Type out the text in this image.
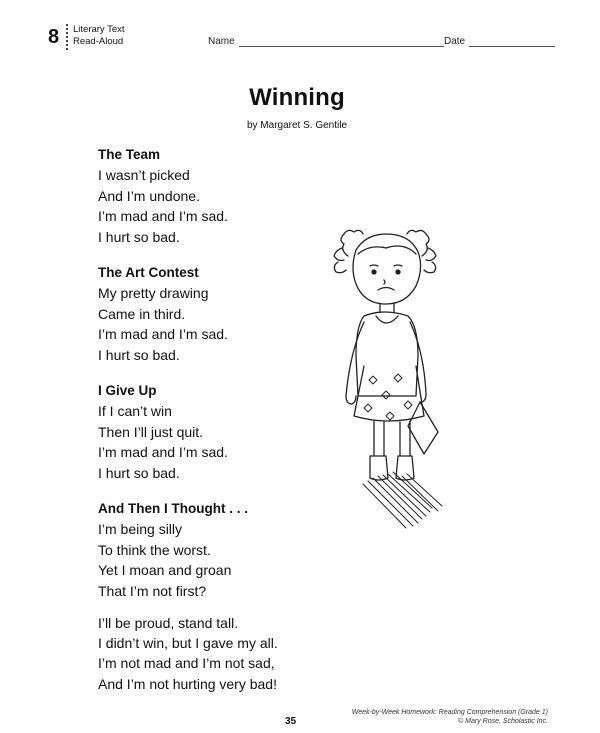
8 Literary Text
Read-Aloud	Name	Date
Winning
by Margaret S. Gentile
The Team
I wasn’t picked
And I’m undone.
I’m mad and I’m sad.
I hurt so bad.
The Art Contest
My pretty drawing
Came in third.
I’m mad and I’m sad.
I hurt so bad.
I Give Up
If I can’t win
Then I’ll just quit.
I’m mad and I’m sad.
I hurt so bad.
And Then I Thought . . .
I’m being silly
To think the worst.
Yet I moan and groan
That I’m not first?
I’ll be proud, stand tall.
I didn’t win, but I gave my all.
I’m not mad and I’m not sad,
And I’m not hurting very bad!
35
Week-by-Week Homework: Reading Comprehension (Grade 1)
© Mary Rose, Scholastic Inc.
